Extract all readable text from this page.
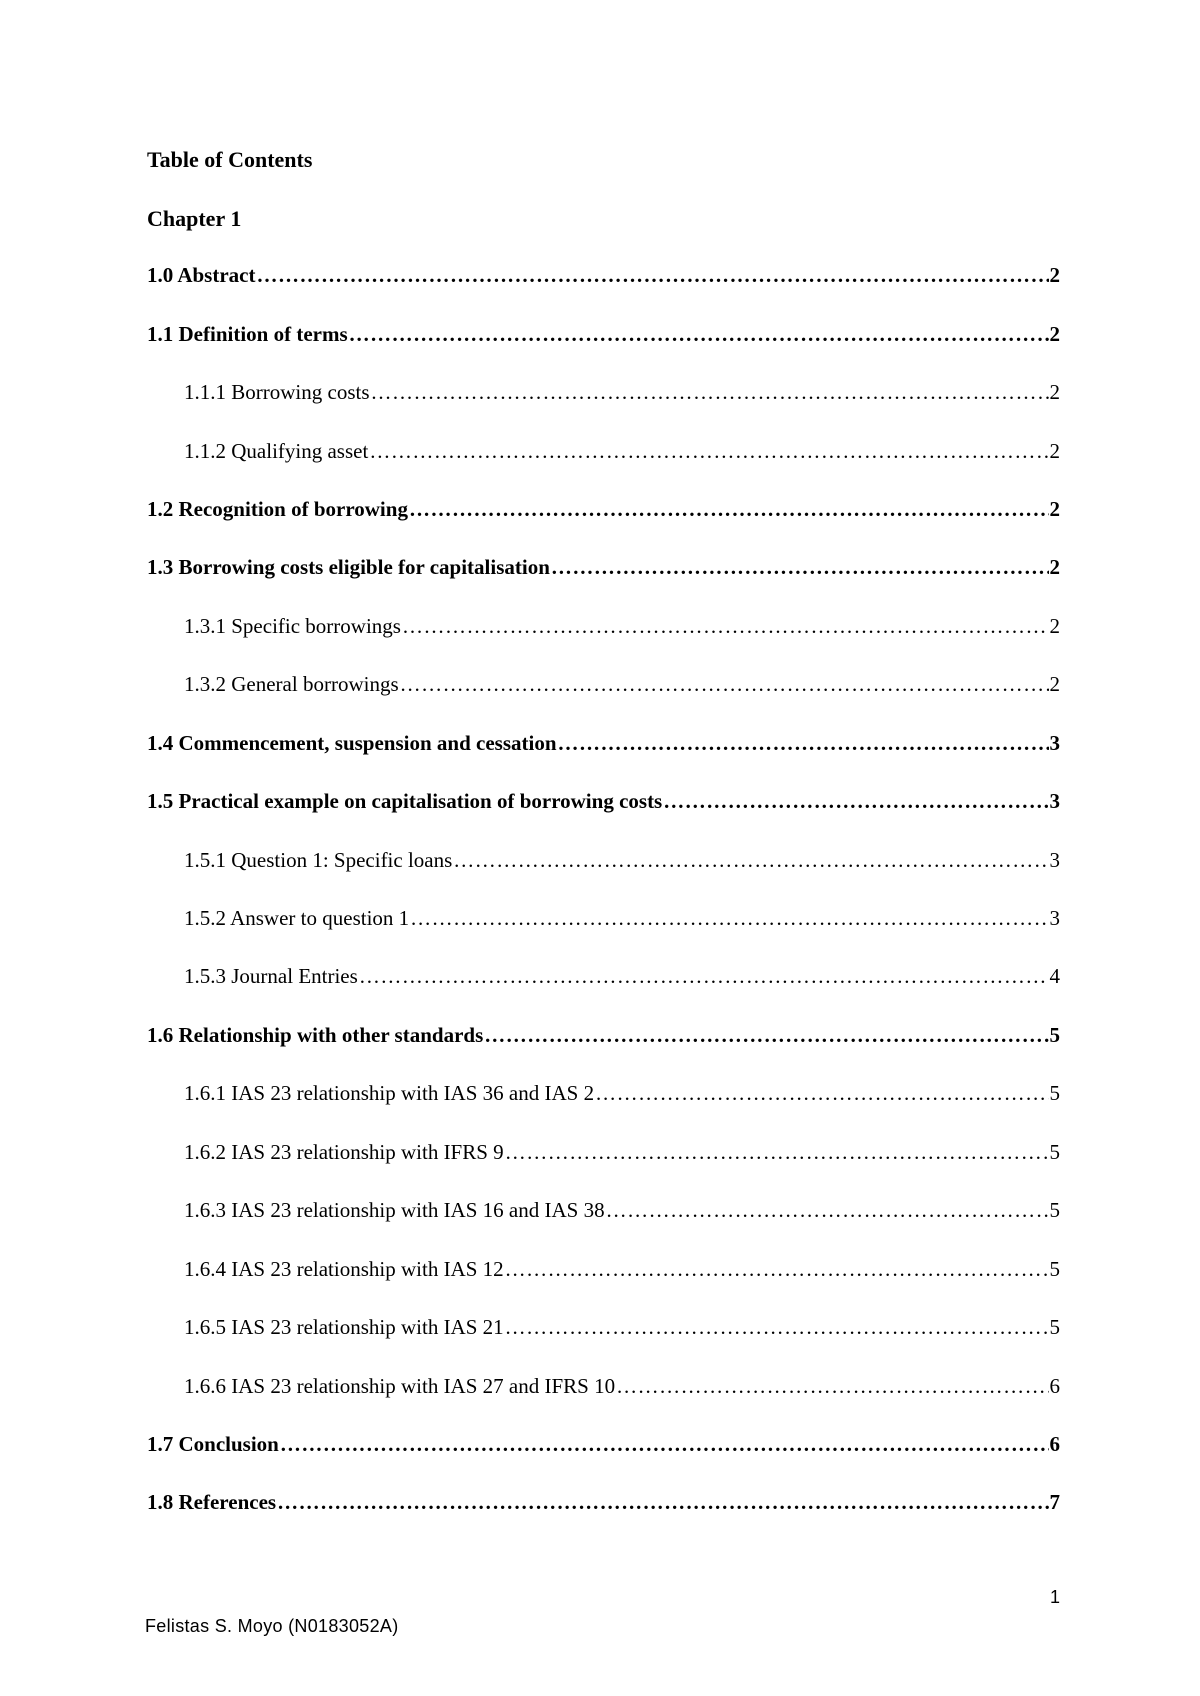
Table of Contents
Chapter 1
1.0 Abstract ……………………………………………………………………………………………………………………………………………………………………………………	2
1.1 Definition of terms ……………………………………………………………………………………………………………………………………………………………………………………	2
1.1.1 Borrowing costs ……………………………………………………………………………………………………………………………………………………………………………………	2
1.1.2 Qualifying asset ……………………………………………………………………………………………………………………………………………………………………………………	2
1.2 Recognition of borrowing ……………………………………………………………………………………………………………………………………………………………………………………	2
1.3 Borrowing costs eligible for capitalisation ……………………………………………………………………………………………………………………………………………………………………………………	2
1.3.1 Specific borrowings ……………………………………………………………………………………………………………………………………………………………………………………	2
1.3.2 General borrowings ……………………………………………………………………………………………………………………………………………………………………………………	2
1.4 Commencement, suspension and cessation ……………………………………………………………………………………………………………………………………………………………………………………	3
1.5 Practical example on capitalisation of borrowing costs ……………………………………………………………………………………………………………………………………………………………………………………	3
1.5.1 Question 1: Specific loans ……………………………………………………………………………………………………………………………………………………………………………………	3
1.5.2 Answer to question 1 ……………………………………………………………………………………………………………………………………………………………………………………	3
1.5.3 Journal Entries ……………………………………………………………………………………………………………………………………………………………………………………	4
1.6 Relationship with other standards ……………………………………………………………………………………………………………………………………………………………………………………	5
1.6.1 IAS 23 relationship with IAS 36 and IAS 2 ……………………………………………………………………………………………………………………………………………………………………………………	5
1.6.2 IAS 23 relationship with IFRS 9 ……………………………………………………………………………………………………………………………………………………………………………………	5
1.6.3 IAS 23 relationship with IAS 16 and IAS 38 ……………………………………………………………………………………………………………………………………………………………………………………	5
1.6.4 IAS 23 relationship with IAS 12 ……………………………………………………………………………………………………………………………………………………………………………………	5
1.6.5 IAS 23 relationship with IAS 21 ……………………………………………………………………………………………………………………………………………………………………………………	5
1.6.6 IAS 23 relationship with IAS 27 and IFRS 10 ……………………………………………………………………………………………………………………………………………………………………………………	6
1.7 Conclusion ……………………………………………………………………………………………………………………………………………………………………………………	6
1.8 References ……………………………………………………………………………………………………………………………………………………………………………………	7
1
Felistas S. Moyo (N0183052A)
